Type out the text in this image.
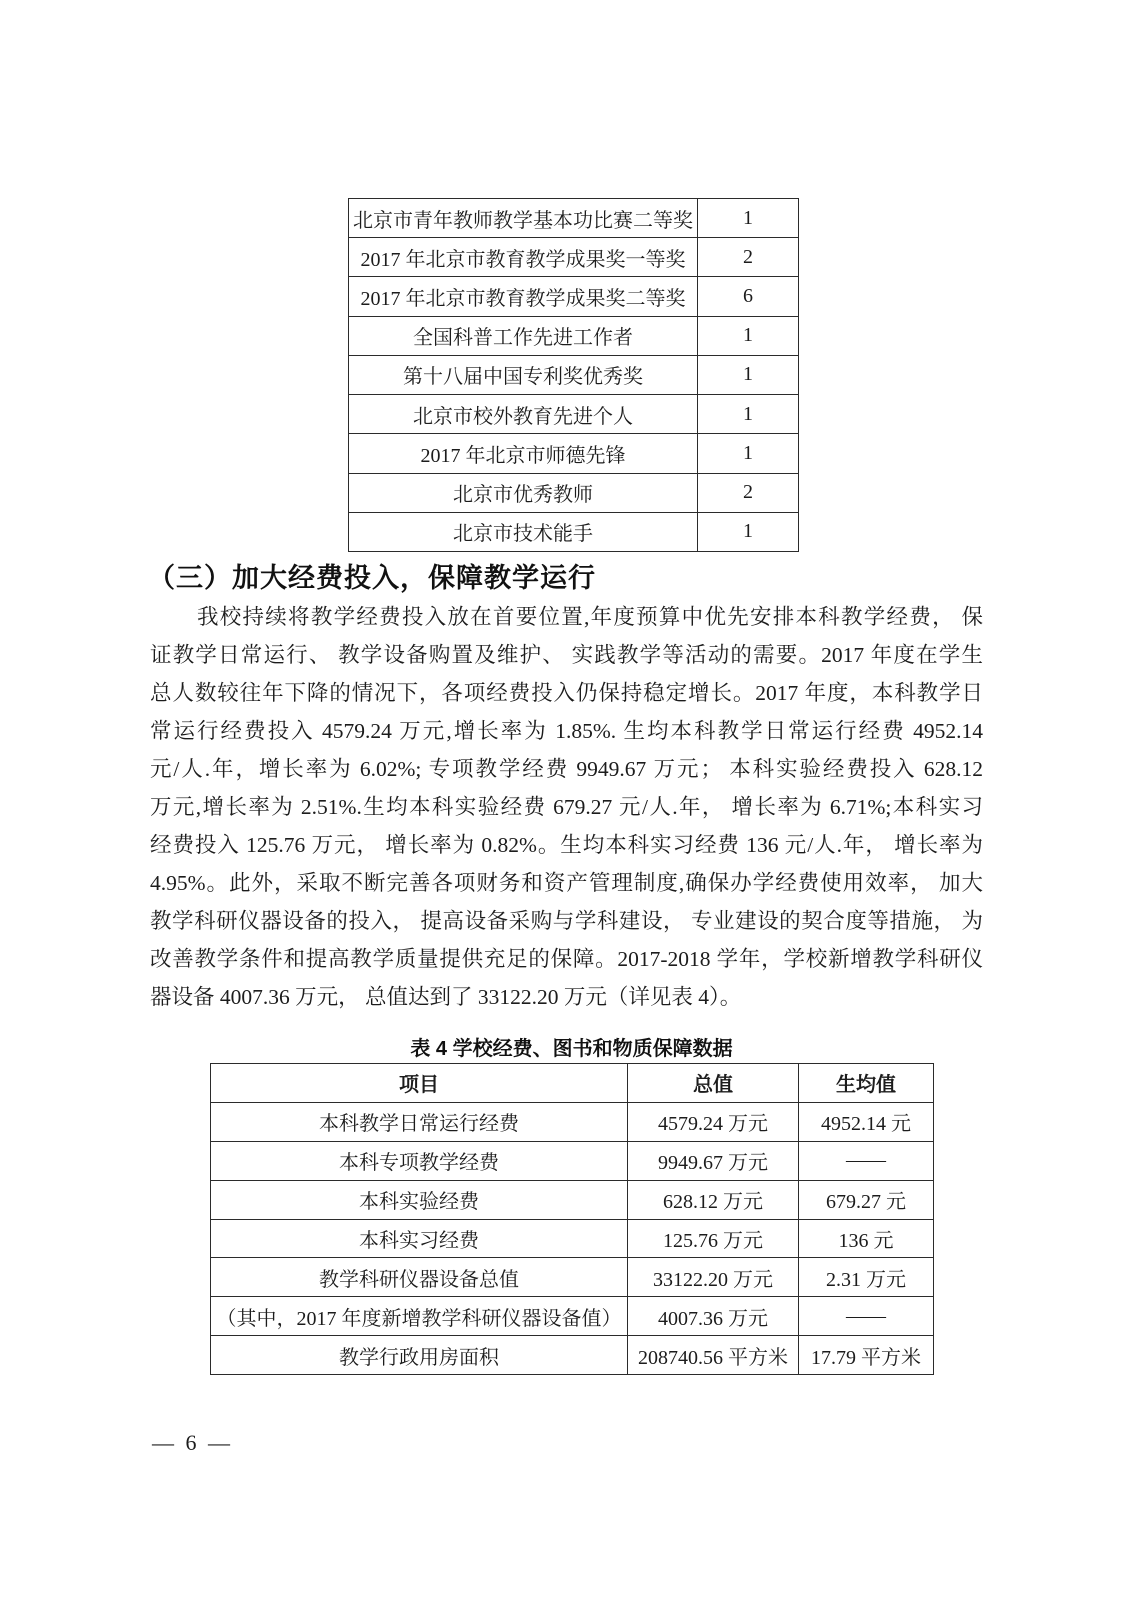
北京市青年教师教学基本功比赛二等奖	1
2017 年北京市教育教学成果奖一等奖	2
2017 年北京市教育教学成果奖二等奖	6
全国科普工作先进工作者	1
第十八届中国专利奖优秀奖	1
北京市校外教育先进个人	1
2017 年北京市师德先锋	1
北京市优秀教师	2
北京市技术能手	1
（三）加大经费投入，保障教学运行
我校持续将教学经费投入放在首要位置,年度预算中优先安排本科教学经费， 保
证教学日常运行、 教学设备购置及维护、 实践教学等活动的需要。2017 年度在学生
总人数较往年下降的情况下，各项经费投入仍保持稳定增长。2017 年度，本科教学日
常运行经费投入 4579.24 万元,增长率为 1.85%. 生均本科教学日常运行经费 4952.14
元/人.年，增长率为 6.02%; 专项教学经费 9949.67 万元； 本科实验经费投入 628.12
万元,增长率为 2.51%.生均本科实验经费 679.27 元/人.年， 增长率为 6.71%;本科实习
经费投入 125.76 万元， 增长率为 0.82%。生均本科实习经费 136 元/人.年， 增长率为
4.95%。此外，采取不断完善各项财务和资产管理制度,确保办学经费使用效率， 加大
教学科研仪器设备的投入， 提高设备采购与学科建设， 专业建设的契合度等措施， 为
改善教学条件和提高教学质量提供充足的保障。2017-2018 学年，学校新增教学科研仪
器设备 4007.36 万元， 总值达到了 33122.20 万元（详见表 4）。
表 4 学校经费、图书和物质保障数据
项目	总值	生均值
本科教学日常运行经费	4579.24 万元	4952.14 元
本科专项教学经费	9949.67 万元	——
本科实验经费	628.12 万元	679.27 元
本科实习经费	125.76 万元	136 元
教学科研仪器设备总值	33122.20 万元	2.31 万元
（其中，2017 年度新增教学科研仪器设备值）	4007.36 万元	——
教学行政用房面积	208740.56 平方米	17.79 平方米
— 6 —
